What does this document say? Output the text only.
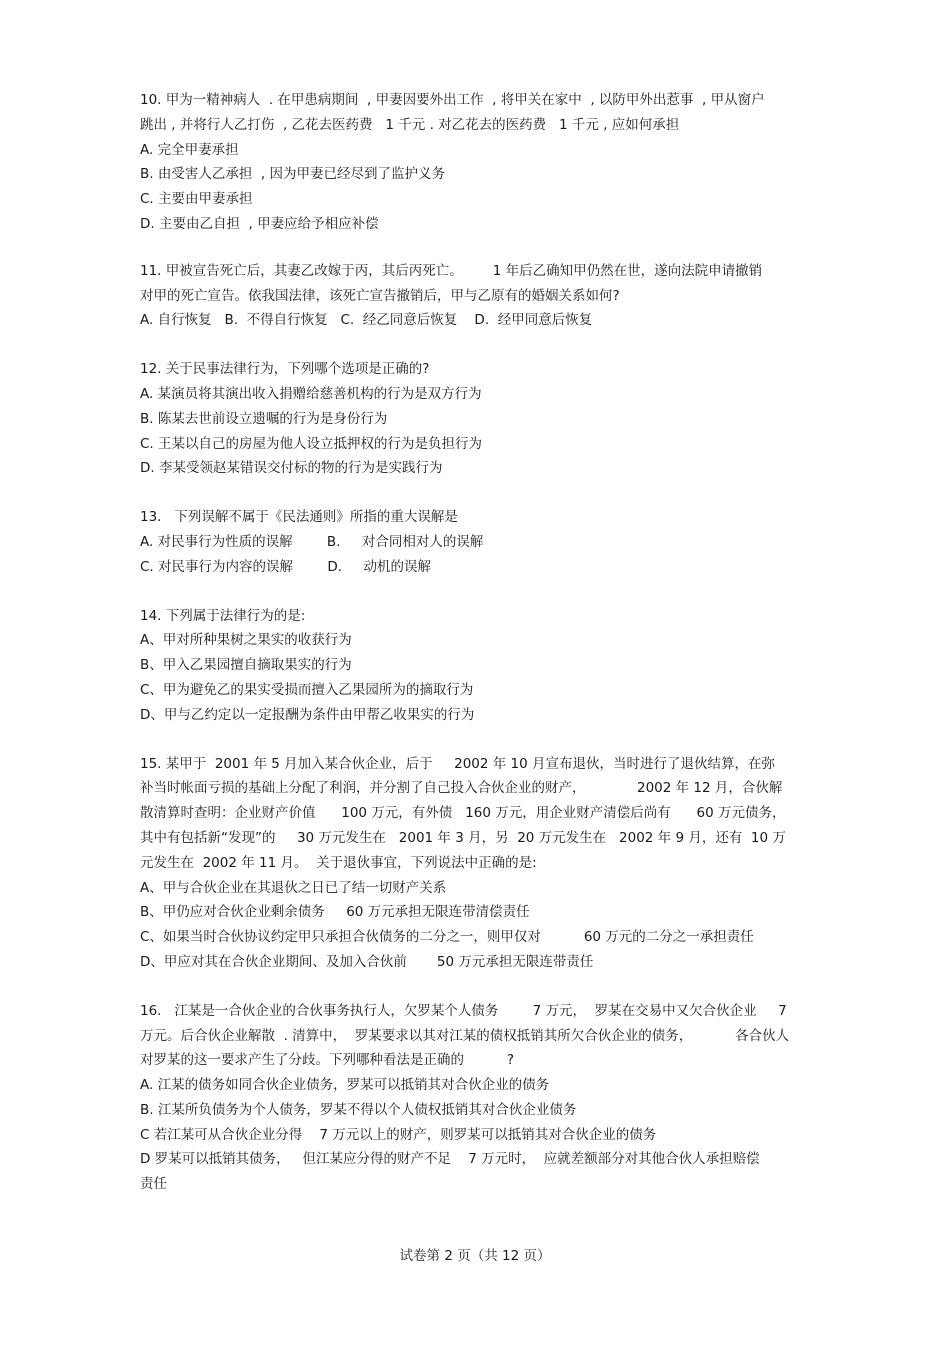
10. 甲为一精神病人  . 在甲患病期间  , 甲妻因要外出工作  , 将甲关在家中  , 以防甲外出惹事  , 甲从窗户

跳出 , 并将行人乙打伤  , 乙花去医药费   1 千元 . 对乙花去的医药费   1 千元 , 应如何承担

A. 完全甲妻承担

B. 由受害人乙承担  , 因为甲妻已经尽到了监护义务

C. 主要由甲妻承担

D. 主要由乙自担  , 甲妻应给予相应补偿

11. 甲被宣告死亡后，其妻乙改嫁于丙，其后丙死亡。       1 年后乙确知甲仍然在世，遂向法院申请撤销

对甲的死亡宣告。依我国法律，该死亡宣告撤销后，甲与乙原有的婚姻关系如何?

A. 自行恢复   B.  不得自行恢复   C.  经乙同意后恢复    D.  经甲同意后恢复

12. 关于民事法律行为，下列哪个选项是正确的?

A. 某演员将其演出收入捐赠给慈善机构的行为是双方行为

B. 陈某去世前设立遗嘱的行为是身份行为

C. 王某以自己的房屋为他人设立抵押权的行为是负担行为

D. 李某受领赵某错误交付标的物的行为是实践行为

13.   下列误解不属于《民法通则》所指的重大误解是

A. 对民事行为性质的误解        B.     对合同相对人的误解

C. 对民事行为内容的误解        D.     动机的误解

14. 下列属于法律行为的是:

A、甲对所种果树之果实的收获行为

B、甲入乙果园擅自摘取果实的行为

C、甲为避免乙的果实受损而擅入乙果园所为的摘取行为

D、甲与乙约定以一定报酬为条件由甲帮乙收果实的行为

15. 某甲于  2001 年 5 月加入某合伙企业，后于     2002 年 10 月宣布退伙，当时进行了退伙结算，在弥

补当时帐面亏损的基础上分配了利润，并分割了自己投入合伙企业的财产，            2002 年 12 月，合伙解

散清算时查明：企业财产价值      100 万元，有外债   160 万元，用企业财产清偿后尚有      60 万元债务，

其中有包括新“发现”的     30 万元发生在   2001 年 3 月，另  20 万元发生在   2002 年 9 月，还有  10 万

元发生在  2002 年 11 月。  关于退伙事宜，下列说法中正确的是:

A、甲与合伙企业在其退伙之日已了结一切财产关系

B、甲仍应对合伙企业剩余债务     60 万元承担无限连带清偿责任

C、如果当时合伙协议约定甲只承担合伙债务的二分之一，则甲仅对          60 万元的二分之一承担责任

D、甲应对其在合伙企业期间、及加入合伙前       50 万元承担无限连带责任

16.   江某是一合伙企业的合伙事务执行人，欠罗某个人债务        7 万元，  罗某在交易中又欠合伙企业     7

万元。后合伙企业解散  . 清算中，  罗某要求以其对江某的债权抵销其所欠合伙企业的债务，          各合伙人

对罗某的这一要求产生了分歧。下列哪种看法是正确的          ?

A. 江某的债务如同合伙企业债务，罗某可以抵销其对合伙企业的债务

B. 江某所负债务为个人债务，罗某不得以个人债权抵销其对合伙企业债务

C 若江某可从合伙企业分得    7 万元以上的财产，则罗某可以抵销其对合伙企业的债务

D 罗某可以抵销其债务，   但江某应分得的财产不足    7 万元时，  应就差额部分对其他合伙人承担赔偿

责任

试卷第 2 页（共 12 页）
